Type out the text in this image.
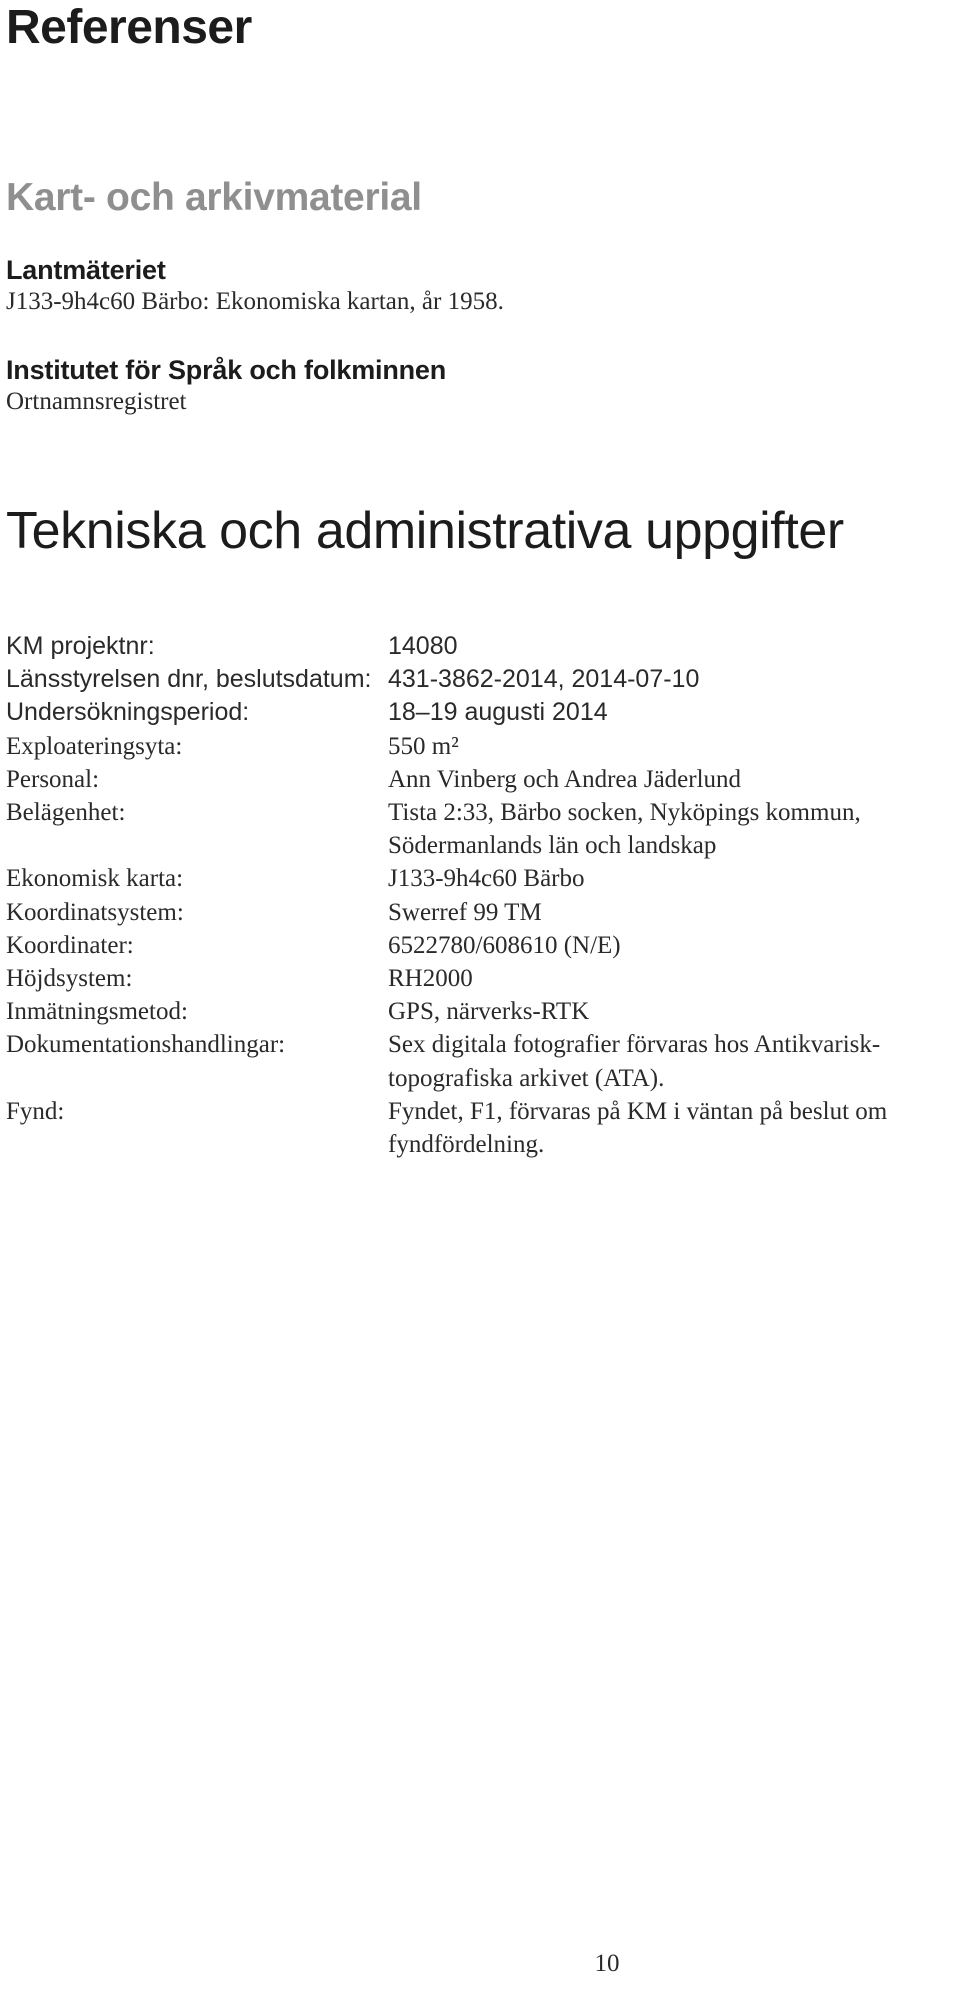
Referenser
Kart- och arkivmaterial
Lantmäteriet
J133-9h4c60 Bärbo: Ekonomiska kartan, år 1958.
Institutet för Språk och folkminnen
Ortnamnsregistret
Tekniska och administrativa uppgifter
KM projektnr:	14080
Länsstyrelsen dnr, beslutsdatum: 431-3862-2014, 2014-07-10
Undersökningsperiod:	18–19 augusti 2014
Exploateringsyta:	550 m²
Personal:	Ann Vinberg och Andrea Jäderlund
Belägenhet:	Tista 2:33, Bärbo socken, Nyköpings kommun,
Södermanlands län och landskap
Ekonomisk karta:	J133-9h4c60 Bärbo
Koordinatsystem:	Swerref 99 TM
Koordinater:	6522780/608610 (N/E)
Höjdsystem:	RH2000
Inmätningsmetod:	GPS, närverks-RTK
Dokumentationshandlingar:	Sex digitala fotografier förvaras hos Antikvarisk-
topografiska arkivet (ATA).
Fynd:	Fyndet, F1, förvaras på KM i väntan på beslut om
fyndfördelning.
10
